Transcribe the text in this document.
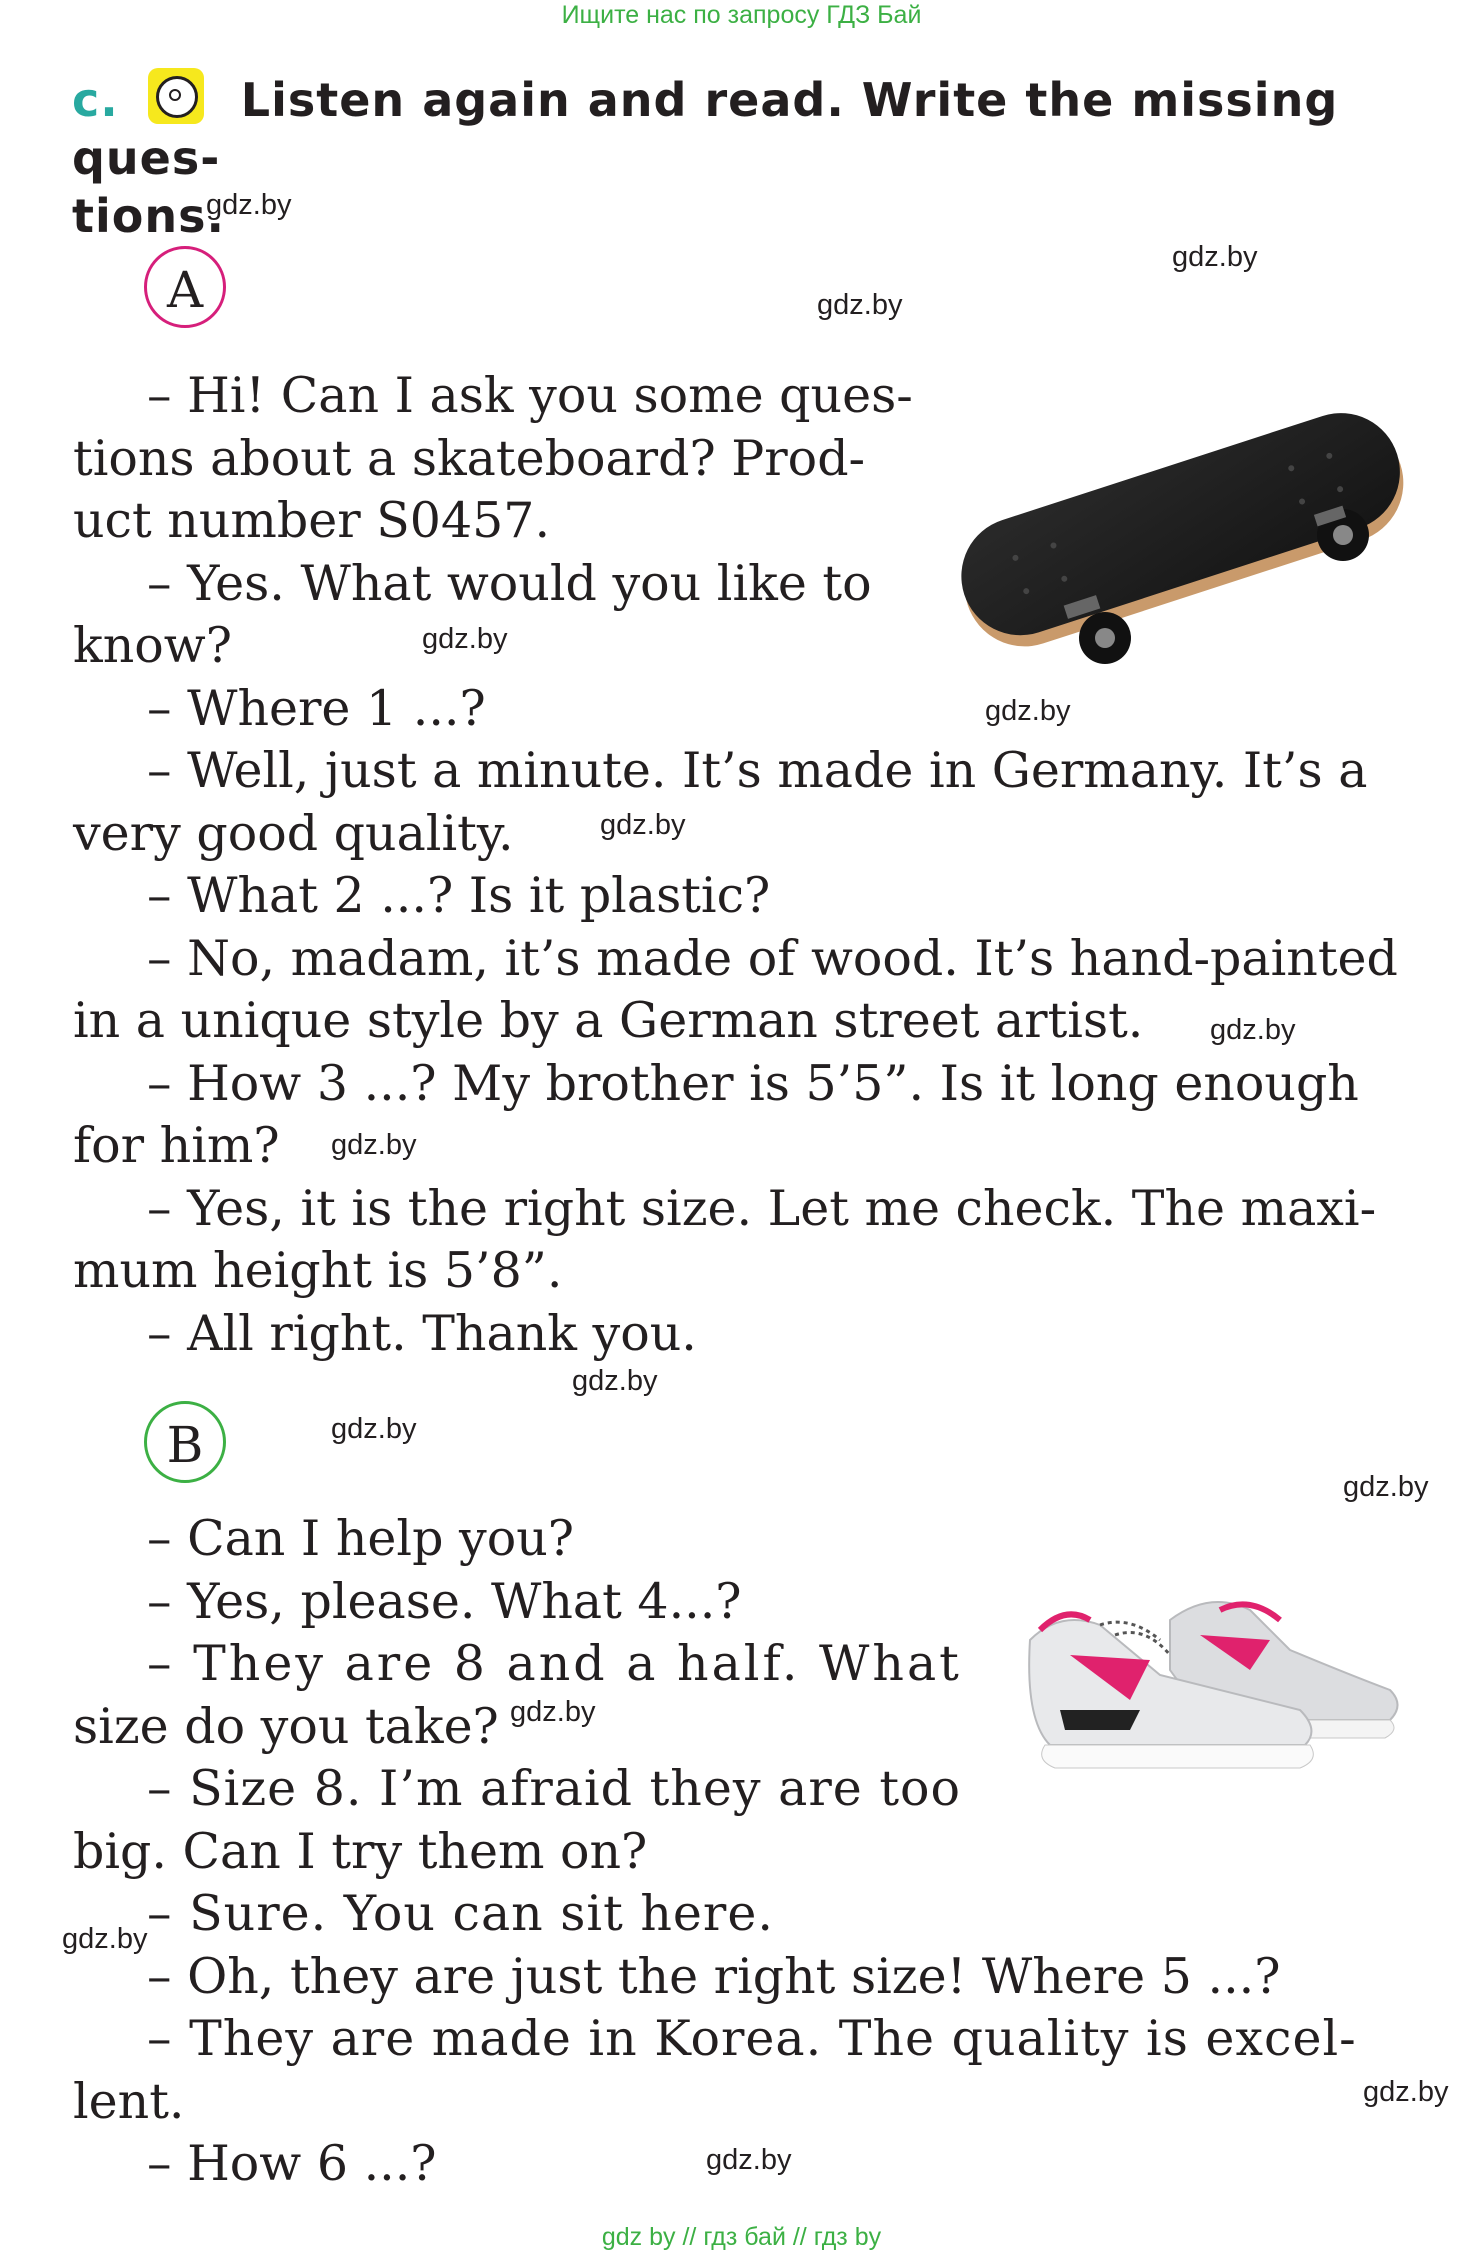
Ищите нас по запросу ГДЗ Бай
c.	Listen again and read. Write the missing ques-
tions.
A
B
– Hi! Can I ask you some ques-
tions about a skateboard? Prod-
uct number S0457.
– Yes. What would you like to
know?
– Where 1 ...?
– Well, just a minute. It’s made in Germany. It’s a
very good quality.
– What 2 ...? Is it plastic?
– No, madam, it’s made of wood. It’s hand-painted
in a unique style by a German street artist.
– How 3 ...? My brother is 5’5”. Is it long enough
for him?
– Yes, it is the right size. Let me check. The maxi-
mum height is 5’8”.
– All right. Thank you.
– Can I help you?
– Yes, please. What 4...?
– They are 8 and a half. What
size do you take?
– Size 8. I’m afraid they are too
big. Can I try them on?
– Sure. You can sit here.
– Oh, they are just the right size! Where 5 ...?
– They are made in Korea. The quality is excel-
lent.
– How 6 ...?
gdz.by
gdz.by
gdz.by
gdz.by
gdz.by
gdz.by
gdz.by
gdz.by
gdz.by
gdz.by
gdz.by
gdz.by
gdz.by
gdz.by
gdz.by
gdz by // гдз бай // гдз by
